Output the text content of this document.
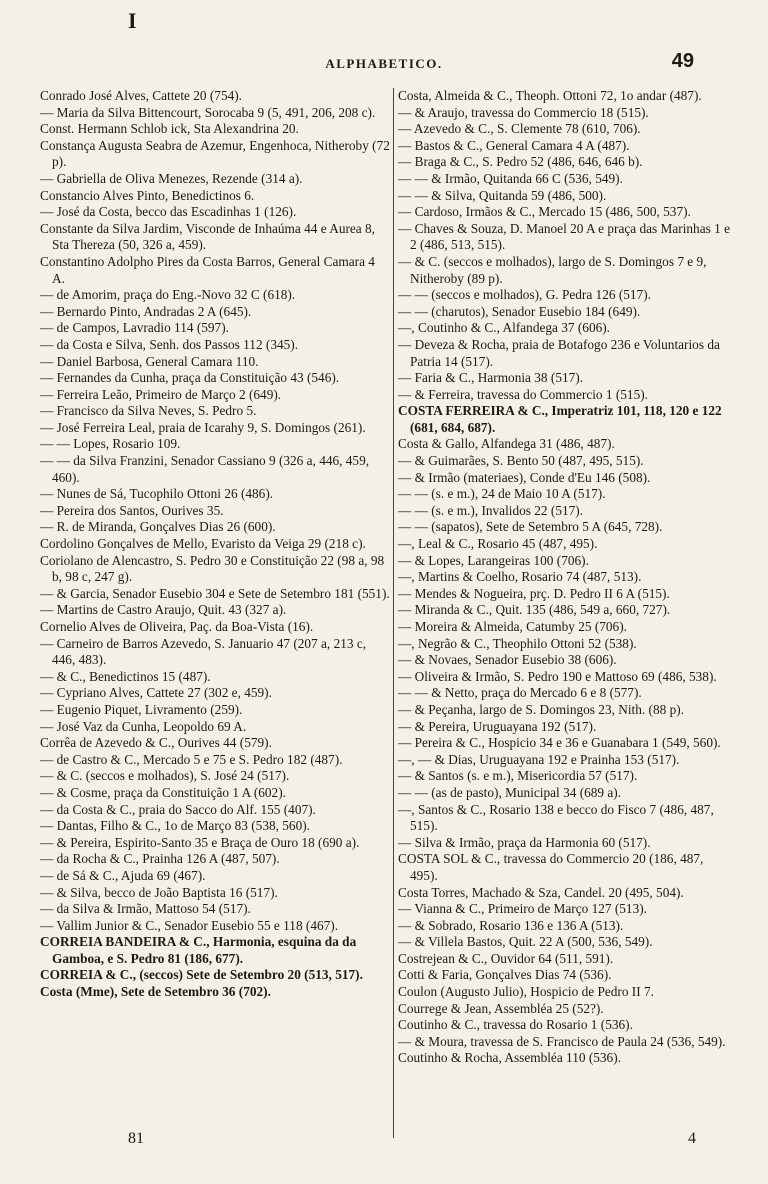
I
ALPHABETICO.	49

Conrado José Alves, Cattete 20 (754).

— Maria da Silva Bittencourt, Sorocaba 9 (5, 491, 206, 208 c).

Const. Hermann Schlob ick, Sta Alexandrina 20.

Constança Augusta Seabra de Azemur, Engenhoca, Nitheroby (72 p).

— Gabriella de Oliva Menezes, Rezende (314 a).

Constancio Alves Pinto, Benedictinos 6.

— José da Costa, becco das Escadinhas 1 (126).

Constante da Silva Jardim, Visconde de Inhaúma 44 e Aurea 8, Sta Thereza (50, 326 a, 459).

Constantino Adolpho Pires da Costa Barros, General Camara 4 A.

— de Amorim, praça do Eng.-Novo 32 C (618).

— Bernardo Pinto, Andradas 2 A (645).

— de Campos, Lavradio 114 (597).

— da Costa e Silva, Senh. dos Passos 112 (345).

— Daniel Barbosa, General Camara 110.

— Fernandes da Cunha, praça da Constituição 43 (546).

— Ferreira Leão, Primeiro de Março 2 (649).

— Francisco da Silva Neves, S. Pedro 5.

— José Ferreira Leal, praia de Icarahy 9, S. Domingos (261).

— — Lopes, Rosario 109.

— — da Silva Franzini, Senador Cassiano 9 (326 a, 446, 459, 460).

— Nunes de Sá, Tucophilo Ottoni 26 (486).

— Pereira dos Santos, Ourives 35.

— R. de Miranda, Gonçalves Dias 26 (600).

Cordolino Gonçalves de Mello, Evaristo da Veiga 29 (218 c).

Coriolano de Alencastro, S. Pedro 30 e Constituição 22 (98 a, 98 b, 98 c, 247 g).

— & Garcia, Senador Eusebio 304 e Sete de Setembro 181 (551).

— Martins de Castro Araujo, Quit. 43 (327 a).

Cornelio Alves de Oliveira, Paç. da Boa-Vista (16).

— Carneiro de Barros Azevedo, S. Januario 47 (207 a, 213 c, 446, 483).

— & C., Benedictinos 15 (487).

— Cypriano Alves, Cattete 27 (302 e, 459).

— Eugenio Piquet, Livramento (259).

— José Vaz da Cunha, Leopoldo 69 A.

Corrêa de Azevedo & C., Ourives 44 (579).

— de Castro & C., Mercado 5 e 75 e S. Pedro 182 (487).

— & C. (seccos e molhados), S. José 24 (517).

— & Cosme, praça da Constituição 1 A (602).

— da Costa & C., praia do Sacco do Alf. 155 (407).

— Dantas, Filho & C., 1o de Março 83 (538, 560).

— & Pereira, Espirito-Santo 35 e Braça de Ouro 18 (690 a).

— da Rocha & C., Prainha 126 A (487, 507).

— de Sá & C., Ajuda 69 (467).

— & Silva, becco de João Baptista 16 (517).

— da Silva & Irmão, Mattoso 54 (517).

— Vallim Junior & C., Senador Eusebio 55 e 118 (467).

CORREIA BANDEIRA & C., Harmonia, esquina da da Gamboa, e S. Pedro 81 (186, 677).

CORREIA & C., (seccos) Sete de Setembro 20 (513, 517).

Costa (Mme), Sete de Setembro 36 (702).

Costa, Almeida & C., Theoph. Ottoni 72, 1o andar (487).

— & Araujo, travessa do Commercio 18 (515).

— Azevedo & C., S. Clemente 78 (610, 706).

— Bastos & C., General Camara 4 A (487).

— Braga & C., S. Pedro 52 (486, 646, 646 b).

— — & Irmão, Quitanda 66 C (536, 549).

— — & Silva, Quitanda 59 (486, 500).

— Cardoso, Irmãos & C., Mercado 15 (486, 500, 537).

— Chaves & Souza, D. Manoel 20 A e praça das Marinhas 1 e 2 (486, 513, 515).

— & C. (seccos e molhados), largo de S. Domingos 7 e 9, Nitheroby (89 p).

— — (seccos e molhados), G. Pedra 126 (517).

— — (charutos), Senador Eusebio 184 (649).

—, Coutinho & C., Alfandega 37 (606).

— Deveza & Rocha, praia de Botafogo 236 e Voluntarios da Patria 14 (517).

— Faria & C., Harmonia 38 (517).

— & Ferreira, travessa do Commercio 1 (515).

COSTA FERREIRA & C., Imperatriz 101, 118, 120 e 122 (681, 684, 687).

Costa & Gallo, Alfandega 31 (486, 487).

— & Guimarães, S. Bento 50 (487, 495, 515).

— & Irmão (materiaes), Conde d'Eu 146 (508).

— — (s. e m.), 24 de Maio 10 A (517).

— — (s. e m.), Invalidos 22 (517).

— — (sapatos), Sete de Setembro 5 A (645, 728).

—, Leal & C., Rosario 45 (487, 495).

— & Lopes, Larangeiras 100 (706).

—, Martins & Coelho, Rosario 74 (487, 513).

— Mendes & Nogueira, prç. D. Pedro II 6 A (515).

— Miranda & C., Quit. 135 (486, 549 a, 660, 727).

— Moreira & Almeida, Catumby 25 (706).

—, Negrão & C., Theophilo Ottoni 52 (538).

— & Novaes, Senador Eusebio 38 (606).

— Oliveira & Irmão, S. Pedro 190 e Mattoso 69 (486, 538).

— — & Netto, praça do Mercado 6 e 8 (577).

— & Peçanha, largo de S. Domingos 23, Nith. (88 p).

— & Pereira, Uruguayana 192 (517).

— Pereira & C., Hospicio 34 e 36 e Guanabara 1 (549, 560).

—, — & Dias, Uruguayana 192 e Prainha 153 (517).

— & Santos (s. e m.), Misericordia 57 (517).

— — (as de pasto), Municipal 34 (689 a).

—, Santos & C., Rosario 138 e becco do Fisco 7 (486, 487, 515).

— Silva & Irmão, praça da Harmonia 60 (517).

COSTA SOL & C., travessa do Commercio 20 (186, 487, 495).

Costa Torres, Machado & Sza, Candel. 20 (495, 504).

— Vianna & C., Primeiro de Março 127 (513).

— & Sobrado, Rosario 136 e 136 A (513).

— & Villela Bastos, Quit. 22 A (500, 536, 549).

Costrejean & C., Ouvidor 64 (511, 591).

Cotti & Faria, Gonçalves Dias 74 (536).

Coulon (Augusto Julio), Hospicio de Pedro II 7.

Courrege & Jean, Assembléa 25 (52?).

Coutinho & C., travessa do Rosario 1 (536).

— & Moura, travessa de S. Francisco de Paula 24 (536, 549).

Coutinho & Rocha, Assembléa 110 (536).

81	4
